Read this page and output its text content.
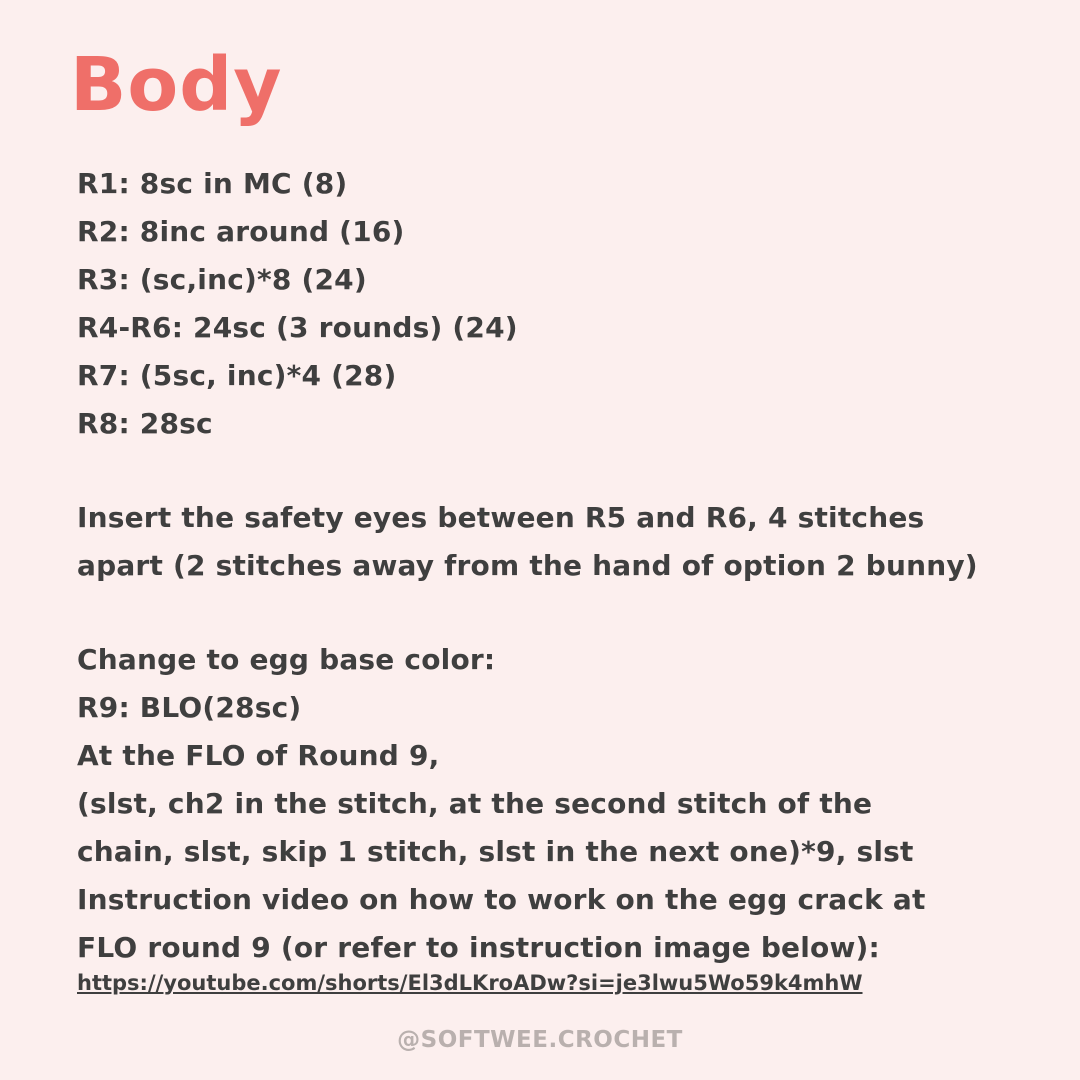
Body
R1: 8sc in MC (8)
R2: 8inc around (16)
R3: (sc,inc)*8 (24)
R4-R6: 24sc (3 rounds) (24)
R7: (5sc, inc)*4 (28)
R8: 28sc
Insert the safety eyes between R5 and R6, 4 stitches
apart (2 stitches away from the hand of option 2 bunny)
Change to egg base color:
R9: BLO(28sc)
At the FLO of Round 9,
(slst, ch2 in the stitch, at the second stitch of the
chain, slst, skip 1 stitch, slst in the next one)*9, slst
Instruction video on how to work on the egg crack at
FLO round 9 (or refer to instruction image below):
https://youtube.com/shorts/El3dLKroADw?si=je3lwu5Wo59k4mhW
@SOFTWEE.CROCHET
